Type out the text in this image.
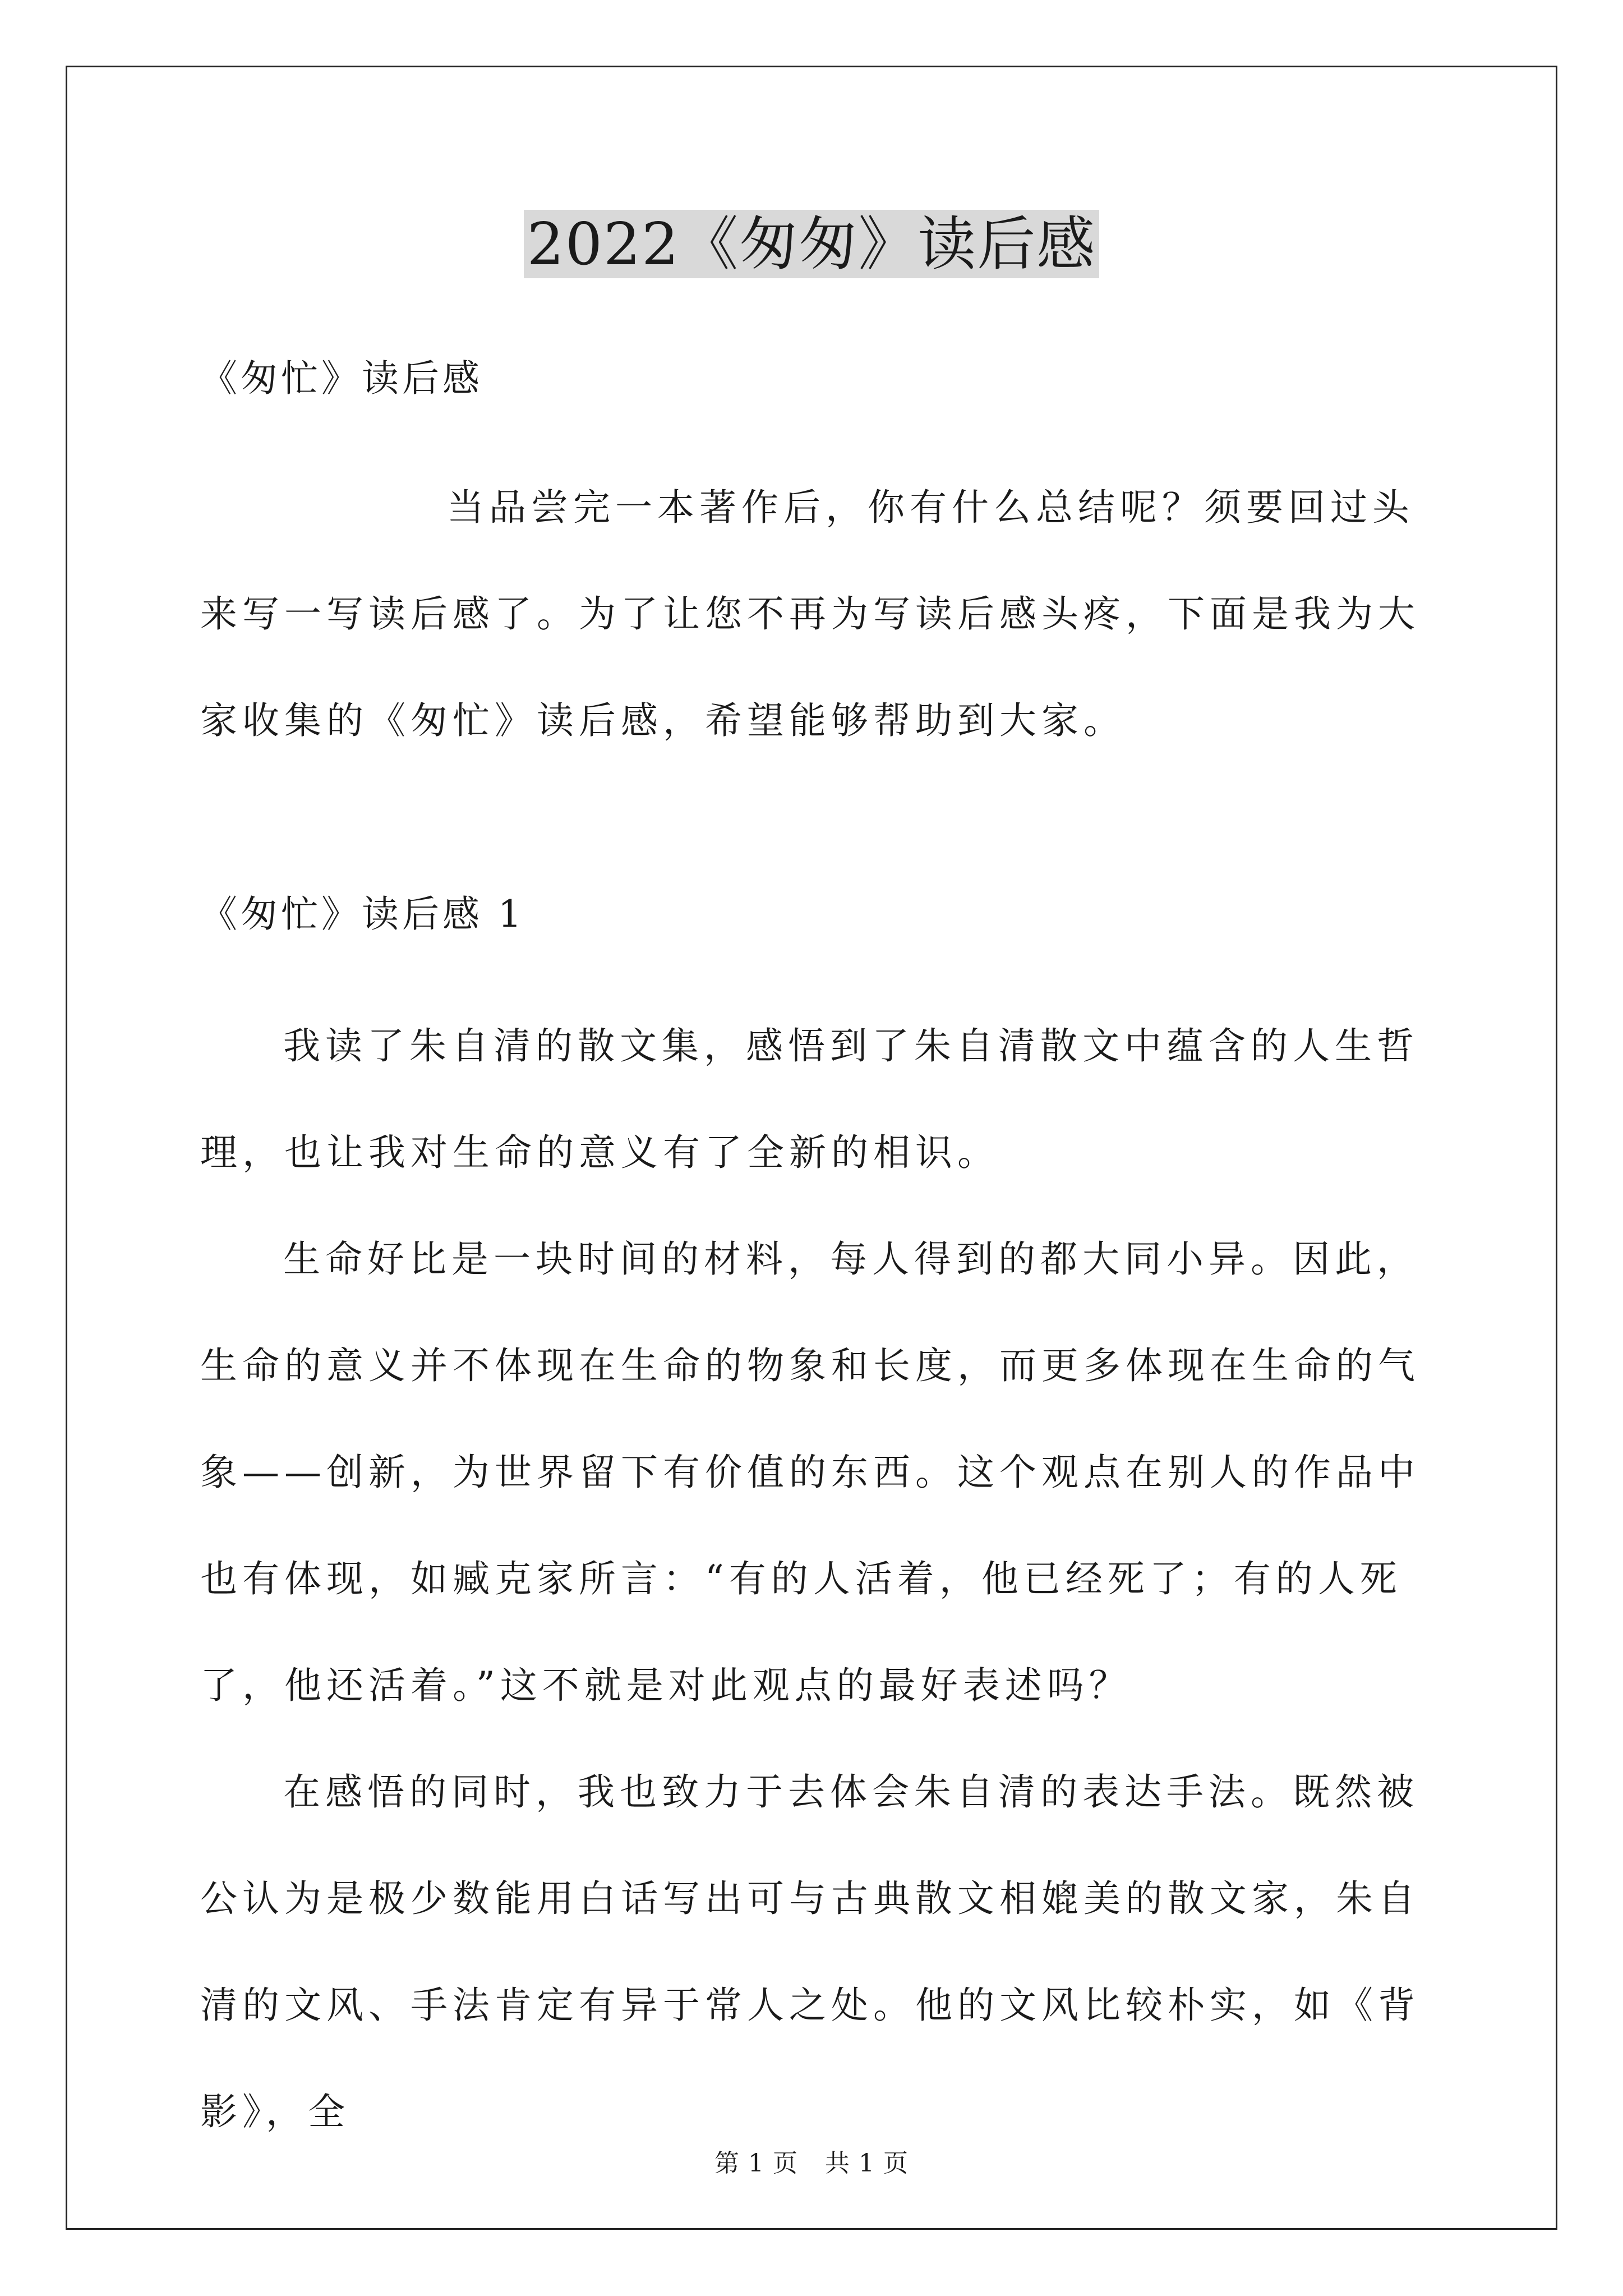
2022《匆匆》读后感
《匆忙》读后感

当品尝完一本著作后，你有什么总结呢？须要回过头来写一写读后感了。为了让您不再为写读后感头疼，下面是我为大家收集的《匆忙》读后感，希望能够帮助到大家。

《匆忙》读后感 1

我读了朱自清的散文集，感悟到了朱自清散文中蕴含的人生哲理，也让我对生命的意义有了全新的相识。

生命好比是一块时间的材料，每人得到的都大同小异。因此，生命的意义并不体现在生命的物象和长度，而更多体现在生命的气象——创新，为世界留下有价值的东西。这个观点在别人的作品中也有体现，如臧克家所言：“有的人活着，他已经死了；有的人死了，他还活着。”这不就是对此观点的最好表述吗？

在感悟的同时，我也致力于去体会朱自清的表达手法。既然被公认为是极少数能用白话写出可与古典散文相媲美的散文家，朱自清的文风、手法肯定有异于常人之处。他的文风比较朴实，如《背影》，全

第 1 页 共 1 页
